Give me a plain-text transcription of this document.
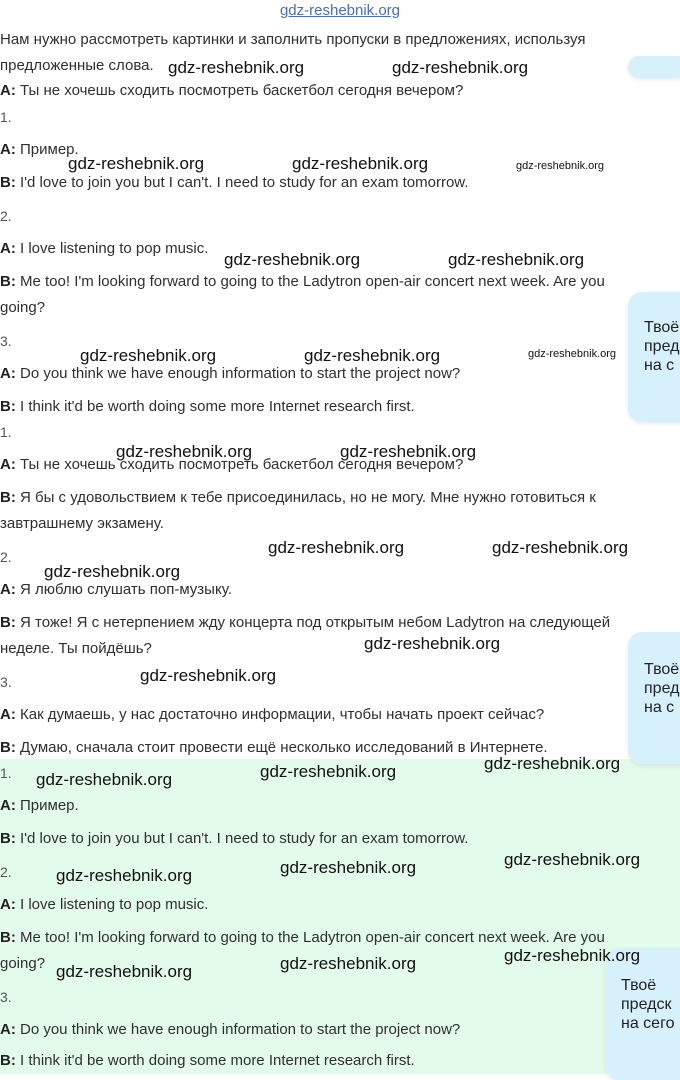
gdz-reshebnik.org
Нам нужно рассмотреть картинки и заполнить пропуски в предложениях, используя
предложенные слова.
A: Ты не хочешь сходить посмотреть баскетбол сегодня вечером?
1.
A: Пример.
B: I'd love to join you but I can't. I need to study for an exam tomorrow.
2.
A: I love listening to pop music.
B: Me too! I'm looking forward to going to the Ladytron open-air concert next week. Are you
going?
3.
A: Do you think we have enough information to start the project now?
B: I think it'd be worth doing some more Internet research first.
1.
A: Ты не хочешь сходить посмотреть баскетбол сегодня вечером?
B: Я бы с удовольствием к тебе присоединилась, но не могу. Мне нужно готовиться к
завтрашнему экзамену.
2.
A: Я люблю слушать поп-музыку.
B: Я тоже! Я с нетерпением жду концерта под открытым небом Ladytron на следующей
неделе. Ты пойдёшь?
3.
A: Как думаешь, у нас достаточно информации, чтобы начать проект сейчас?
B: Думаю, сначала стоит провести ещё несколько исследований в Интернете.
1.
A: Пример.
B: I'd love to join you but I can't. I need to study for an exam tomorrow.
2.
A: I love listening to pop music.
B: Me too! I'm looking forward to going to the Ladytron open-air concert next week. Are you
going?
3.
A: Do you think we have enough information to start the project now?
B: I think it'd be worth doing some more Internet research first.
Твоё
пред
на с
Твоё
пред
на с
Твоё
предск
на сего
gdz-reshebnik.org	gdz-reshebnik.org
gdz-reshebnik.org	gdz-reshebnik.org	gdz-reshebnik.org
gdz-reshebnik.org	gdz-reshebnik.org
gdz-reshebnik.org	gdz-reshebnik.org	gdz-reshebnik.org
gdz-reshebnik.org	gdz-reshebnik.org
gdz-reshebnik.org	gdz-reshebnik.org
gdz-reshebnik.org
gdz-reshebnik.org
gdz-reshebnik.org
gdz-reshebnik.org
gdz-reshebnik.org
gdz-reshebnik.org
gdz-reshebnik.org
gdz-reshebnik.org
gdz-reshebnik.org
gdz-reshebnik.org
gdz-reshebnik.org
gdz-reshebnik.org
